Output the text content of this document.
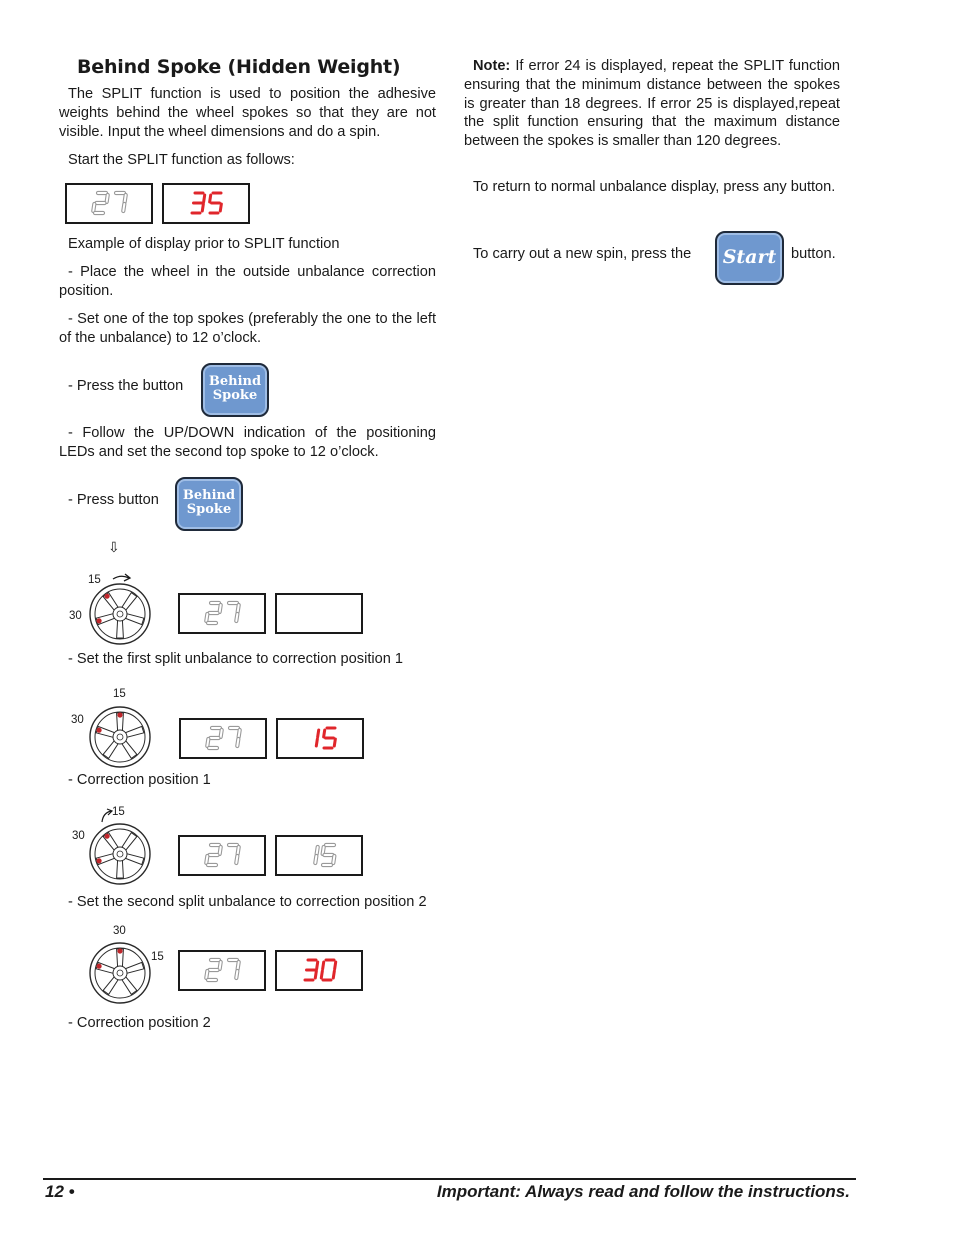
Behind Spoke (Hidden Weight)

The SPLIT function is used to position the adhesive weights behind the wheel spokes so that they are not visible. Input the wheel dimensions and do a spin.

Start the SPLIT function as follows:

Example of display prior to SPLIT function

- Place the wheel in the outside unbalance correction position.

- Set one of the top spokes (preferably the one to the left of the unbalance) to 12 o’clock.

- Press the button	Behind
Spoke

- Follow the UP/DOWN indication of the positioning LEDs and set the second top spoke to 12 o’clock.

- Press button	Behind
Spoke
⇩
15
30

- Set the first split unbalance to correction position 1

15
30

- Correction position 1

15
30

- Set the second split unbalance to correction position 2

30
15

- Correction position 2

Note: If error 24 is displayed, repeat the SPLIT function ensuring that the minimum distance between the spokes is greater than 18 degrees. If error 25 is displayed,repeat the split function ensuring that the maximum distance between the spokes is smaller than 120 degrees.

To return to normal unbalance display, press any button.

To carry out a new spin, press the Start	button.

12 •	Important: Always read and follow the instructions.
